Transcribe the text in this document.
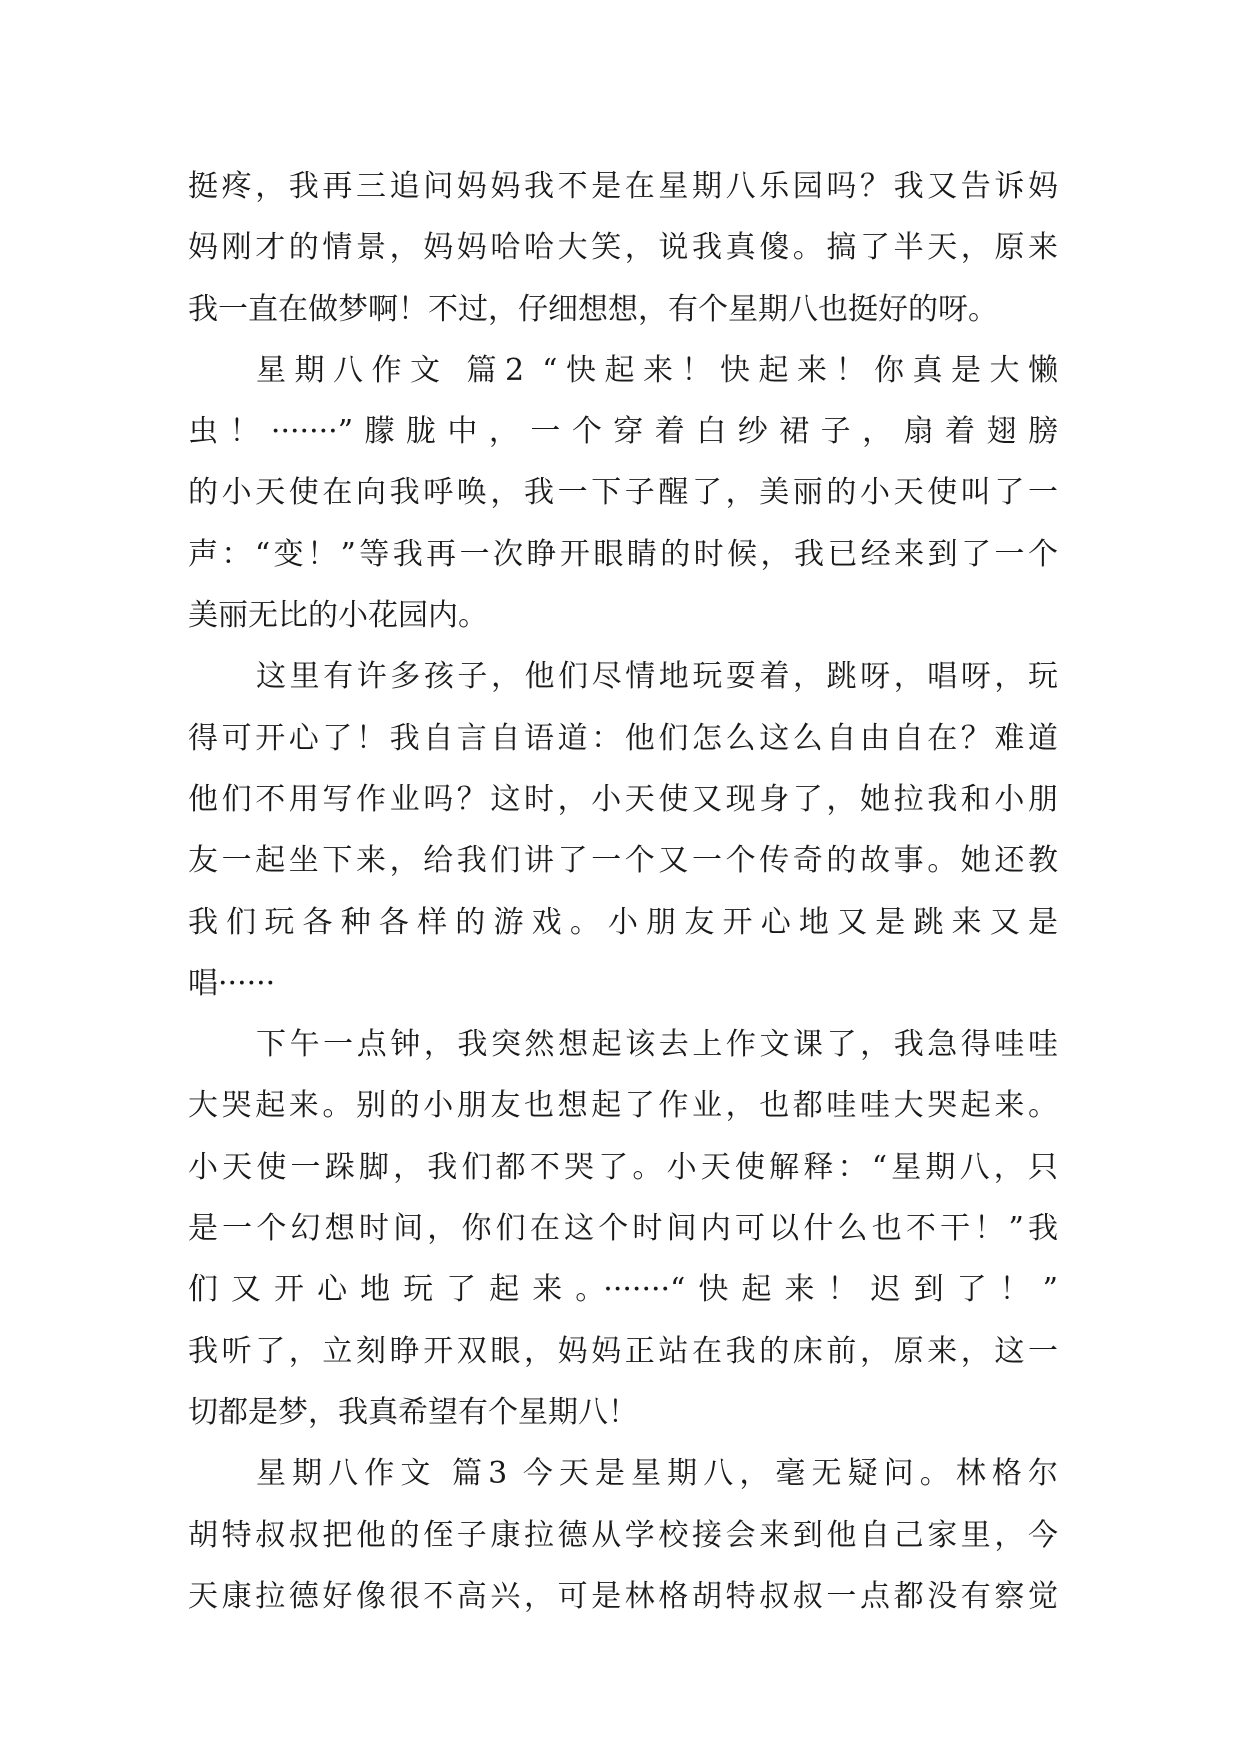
挺疼，我再三追问妈妈我不是在星期八乐园吗？我又告诉妈
妈刚才的情景，妈妈哈哈大笑，说我真傻。搞了半天，原来
我一直在做梦啊！不过，仔细想想，有个星期八也挺好的呀。
星期八作文 篇2 “快起来！快起来！你真是大懒
虫！·······”朦胧中，一个穿着白纱裙子，扇着翅膀
的小天使在向我呼唤，我一下子醒了，美丽的小天使叫了一
声：“变！”等我再一次睁开眼睛的时候，我已经来到了一个
美丽无比的小花园内。
这里有许多孩子，他们尽情地玩耍着，跳呀，唱呀，玩
得可开心了！我自言自语道：他们怎么这么自由自在？难道
他们不用写作业吗？这时，小天使又现身了，她拉我和小朋
友一起坐下来，给我们讲了一个又一个传奇的故事。她还教
我们玩各种各样的游戏。小朋友开心地又是跳来又是
唱······
下午一点钟，我突然想起该去上作文课了，我急得哇哇
大哭起来。别的小朋友也想起了作业，也都哇哇大哭起来。
小天使一跺脚，我们都不哭了。小天使解释：“星期八，只
是一个幻想时间，你们在这个时间内可以什么也不干！”我
们又开心地玩了起来。·······“快起来！迟到了！”
我听了，立刻睁开双眼，妈妈正站在我的床前，原来，这一
切都是梦，我真希望有个星期八！
星期八作文 篇3 今天是星期八，毫无疑问。林格尔
胡特叔叔把他的侄子康拉德从学校接会来到他自己家里，今
天康拉德好像很不高兴，可是林格胡特叔叔一点都没有察觉
